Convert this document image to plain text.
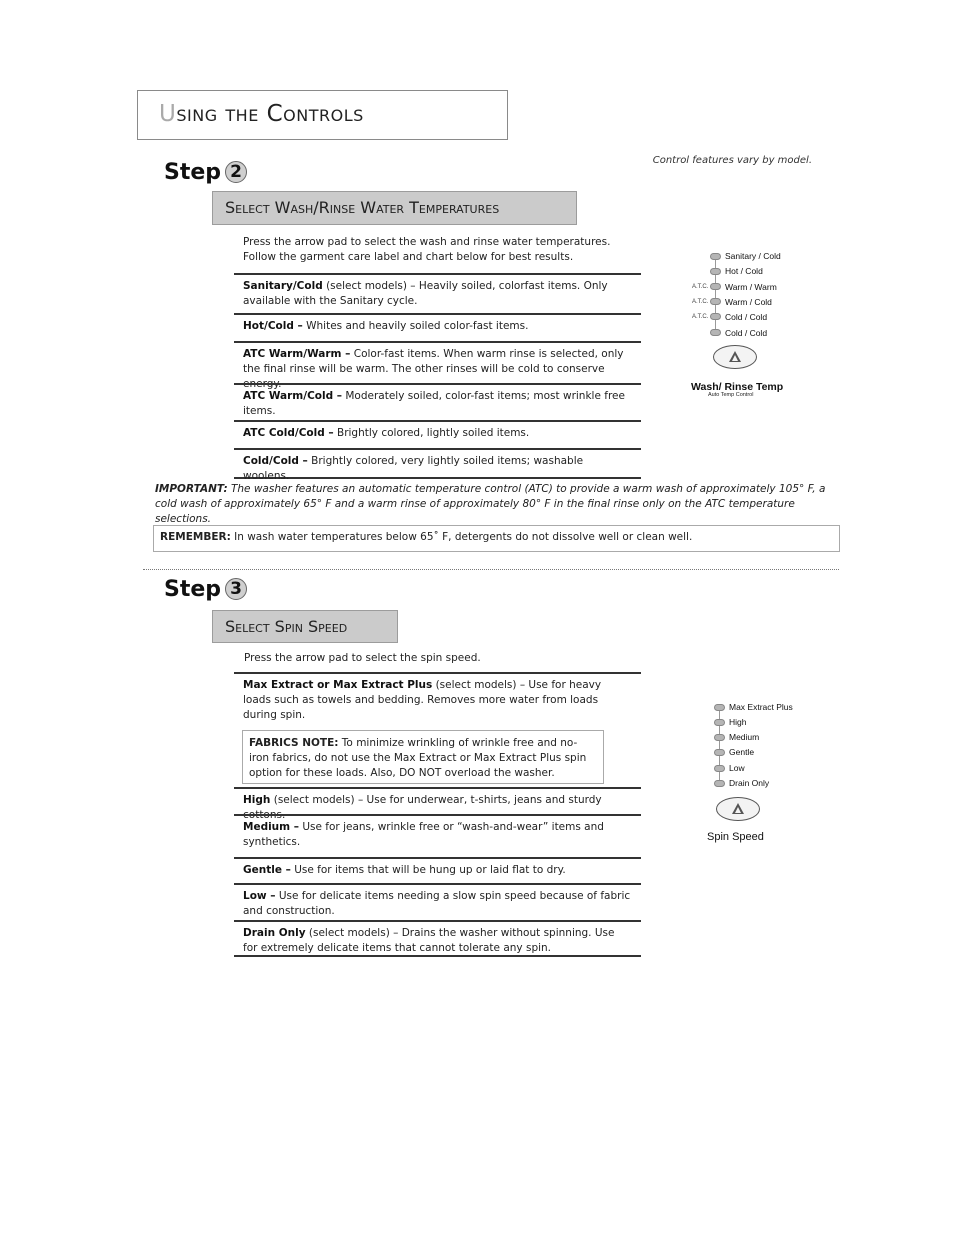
Using the Controls
Control features vary by model.
Step 2
Select Wash/Rinse Water Temperatures
Press the arrow pad to select the wash and rinse water temperatures. Follow the garment care label and chart below for best results.
Sanitary/Cold (select models) – Heavily soiled, colorfast items. Only available with the Sanitary cycle.
Hot/Cold – Whites and heavily soiled color-fast items.
ATC Warm/Warm – Color-fast items. When warm rinse is selected, only the final rinse will be warm. The other rinses will be cold to conserve energy.
ATC Warm/Cold – Moderately soiled, color-fast items; most wrinkle free items.
ATC Cold/Cold – Brightly colored, lightly soiled items.
Cold/Cold – Brightly colored, very lightly soiled items; washable woolens.
Sanitary / Cold
Hot / Cold
A.T.C. Warm / Warm
A.T.C. Warm / Cold
A.T.C. Cold / Cold
Cold / Cold
Wash/ Rinse Temp
Auto Temp Control
IMPORTANT: The washer features an automatic temperature control (ATC) to provide a warm wash of approximately 105° F, a cold wash of approximately 65° F and a warm rinse of approximately 80° F in the final rinse only on the ATC temperature selections.
REMEMBER: In wash water temperatures below 65˚ F, detergents do not dissolve well or clean well.
Step 3
Select Spin Speed
Press the arrow pad to select the spin speed.
Max Extract or Max Extract Plus (select models) – Use for heavy loads such as towels and bedding. Removes more water from loads during spin.
FABRICS NOTE: To minimize wrinkling of wrinkle free and no-iron fabrics, do not use the Max Extract or Max Extract Plus spin option for these loads. Also, DO NOT overload the washer.
High (select models) – Use for underwear, t-shirts, jeans and sturdy cottons.
Medium – Use for jeans, wrinkle free or “wash-and-wear” items and synthetics.
Gentle – Use for items that will be hung up or laid flat to dry.
Low – Use for delicate items needing a slow spin speed because of fabric and construction.
Drain Only (select models) – Drains the washer without spinning. Use for extremely delicate items that cannot tolerate any spin.
Max Extract Plus
High
Medium
Gentle
Low
Drain Only
Spin Speed
